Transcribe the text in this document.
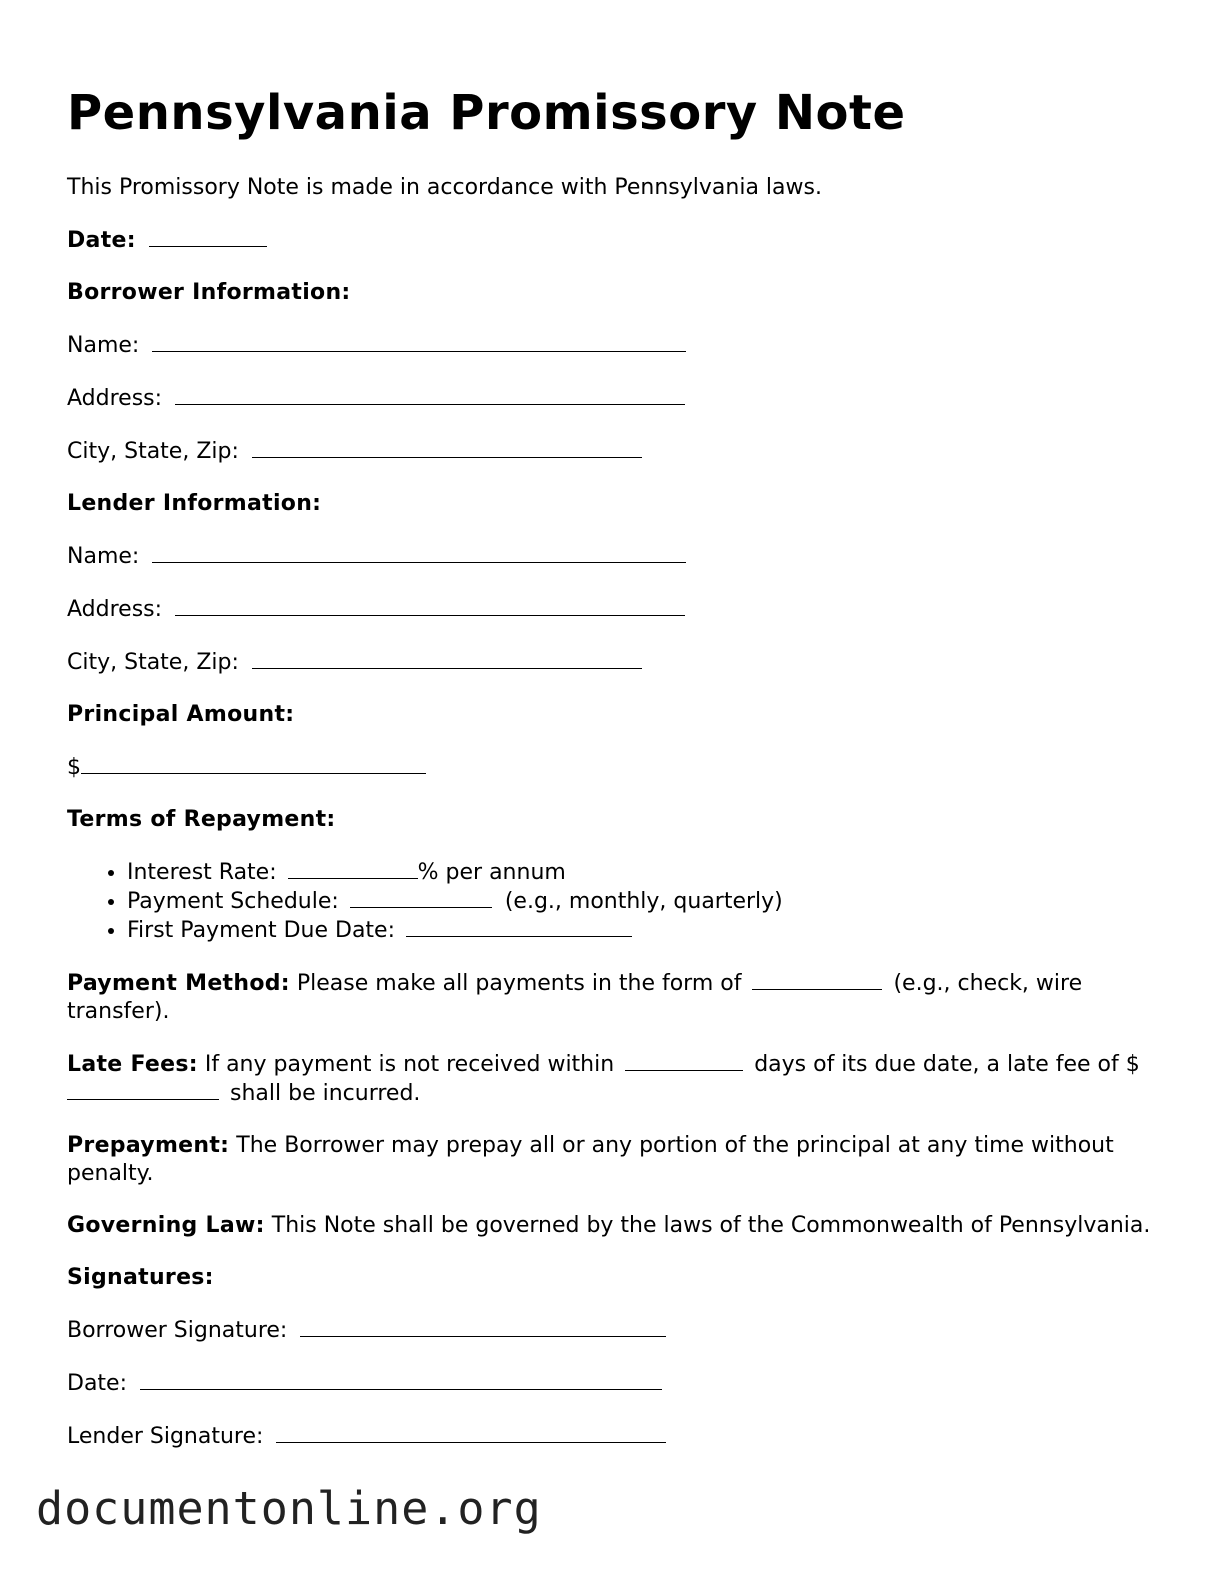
Pennsylvania Promissory Note

This Promissory Note is made in accordance with Pennsylvania laws.

Date:

Borrower Information:

Name:

Address:

City, State, Zip:

Lender Information:

Name:

Address:

City, State, Zip:

Principal Amount:

$

Terms of Repayment:

• Interest Rate:	% per annum
• Payment Schedule:	(e.g., monthly, quarterly)
• First Payment Due Date:

Payment Method: Please make all payments in the form of	(e.g., check, wire transfer).

Late Fees: If any payment is not received within	days of its due date, a late fee of $ shall be incurred.

Prepayment: The Borrower may prepay all or any portion of the principal at any time without penalty.

Governing Law: This Note shall be governed by the laws of the Commonwealth of Pennsylvania.

Signatures:

Borrower Signature:

Date:

Lender Signature:

documentonline.org
